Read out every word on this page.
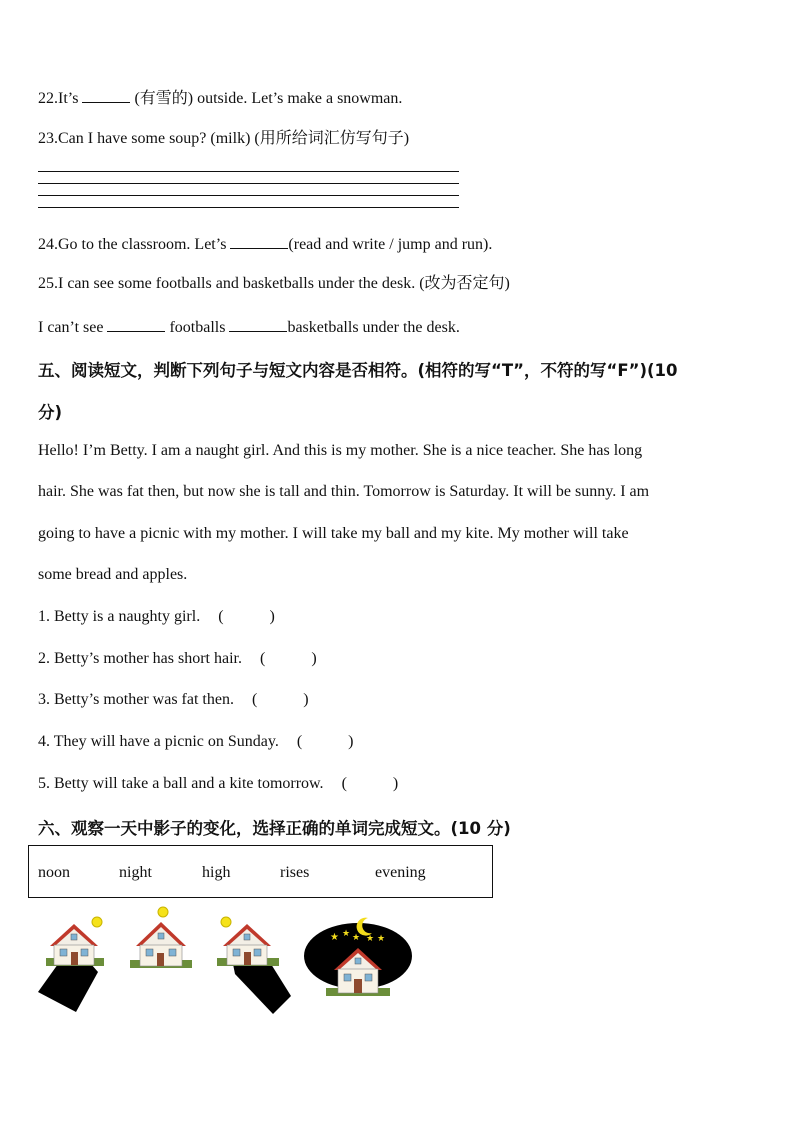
22.It’s	(有雪的) outside. Let’s make a snowman.
23.Can I have some soup? (milk) (用所给词汇仿写句子)
24.Go to the classroom. Let’s	(read and write / jump and run).
25.I can see some footballs and basketballs under the desk. (改为否定句)
I can’t see	footballs	basketballs under the desk.
五、阅读短文，判断下列句子与短文内容是否相符。(相符的写“T”，不符的写“F”)(10
分)
Hello! I’m Betty. I am a naught girl. And this is my mother. She is a nice teacher. She has long
hair. She was fat then, but now she is tall and thin. Tomorrow is Saturday. It will be sunny. I am
going to have a picnic with my mother. I will take my ball and my kite. My mother will take
some bread and apples.
1. Betty is a naughty girl. (	)
2. Betty’s mother has short hair. (	)
3. Betty’s mother was fat then. (	)
4. They will have a picnic on Sunday. (	)
5. Betty will take a ball and a kite tomorrow. (	)
六、观察一天中影子的变化，选择正确的单词完成短文。(10 分)
noon	night	high	rises	evening
★ ★ ★ ★ ★
